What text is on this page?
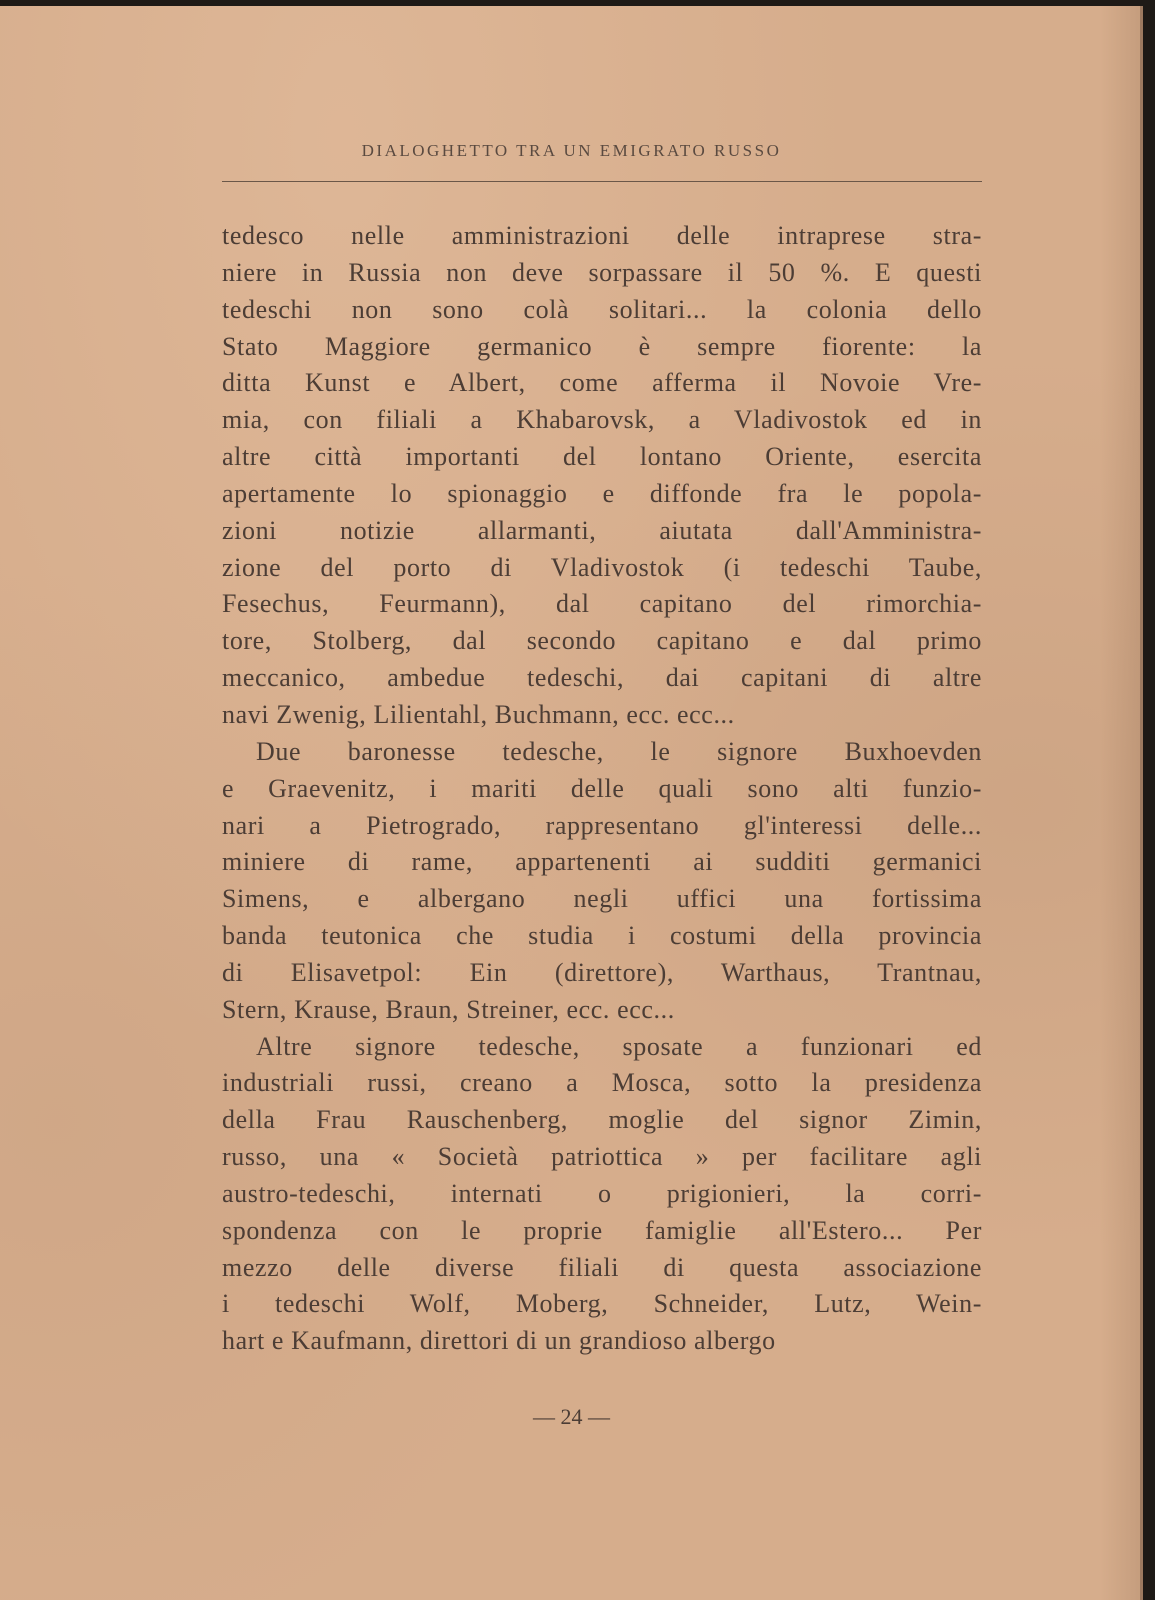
DIALOGHETTO TRA UN EMIGRATO RUSSO
tedesco nelle amministrazioni delle intraprese stra-
niere in Russia non deve sorpassare il 50 %. E questi
tedeschi non sono colà solitari... la colonia dello
Stato Maggiore germanico è sempre fiorente: la
ditta Kunst e Albert, come afferma il Novoie Vre-
mia, con filiali a Khabarovsk, a Vladivostok ed in
altre città importanti del lontano Oriente, esercita
apertamente lo spionaggio e diffonde fra le popola-
zioni notizie allarmanti, aiutata dall'Amministra-
zione del porto di Vladivostok (i tedeschi Taube,
Fesechus, Feurmann), dal capitano del rimorchia-
tore, Stolberg, dal secondo capitano e dal primo
meccanico, ambedue tedeschi, dai capitani di altre
navi Zwenig, Lilientahl, Buchmann, ecc. ecc...
Due baronesse tedesche, le signore Buxhoevden
e Graevenitz, i mariti delle quali sono alti funzio-
nari a Pietrogrado, rappresentano gl'interessi delle...
miniere di rame, appartenenti ai sudditi germanici
Simens, e albergano negli uffici una fortissima
banda teutonica che studia i costumi della provincia
di Elisavetpol: Ein (direttore), Warthaus, Trantnau,
Stern, Krause, Braun, Streiner, ecc. ecc...
Altre signore tedesche, sposate a funzionari ed
industriali russi, creano a Mosca, sotto la presidenza
della Frau Rauschenberg, moglie del signor Zimin,
russo, una « Società patriottica » per facilitare agli
austro-tedeschi, internati o prigionieri, la corri-
spondenza con le proprie famiglie all'Estero... Per
mezzo delle diverse filiali di questa associazione
i tedeschi Wolf, Moberg, Schneider, Lutz, Wein-
hart e Kaufmann, direttori di un grandioso albergo
— 24 —
